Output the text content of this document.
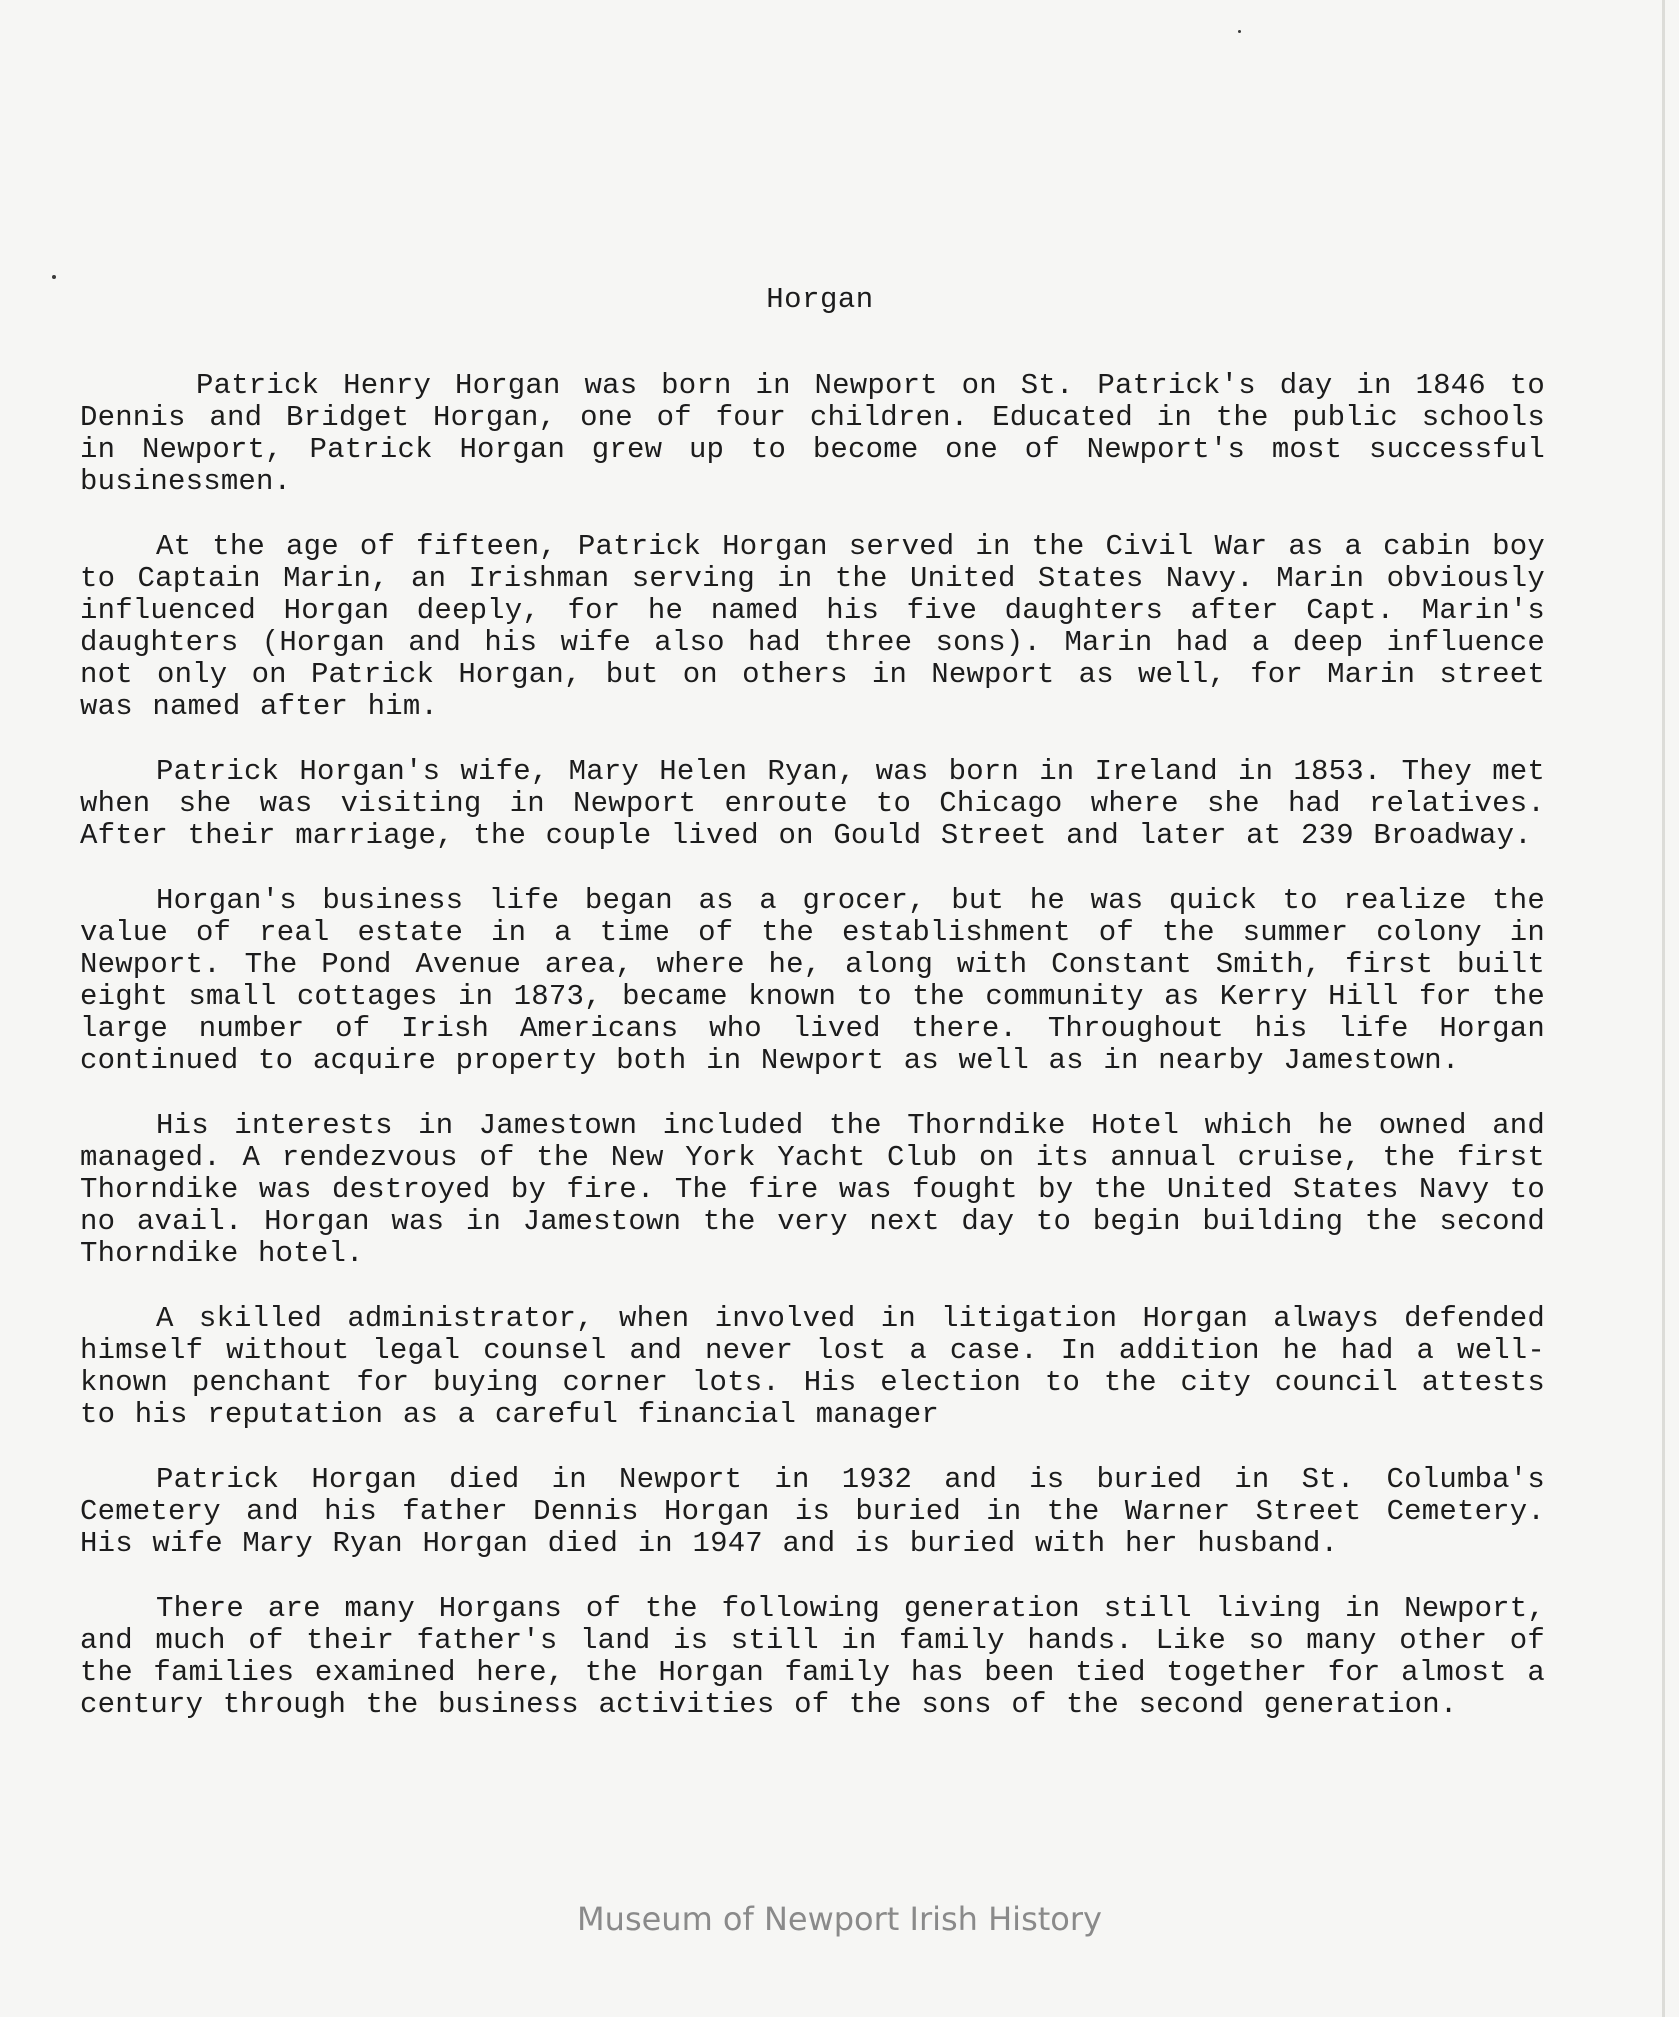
Horgan

Patrick Henry Horgan was born in Newport on St. Patrick's day in 1846 to Dennis and Bridget Horgan, one of four children. Educated in the public schools in Newport, Patrick Horgan grew up to become one of Newport's most successful businessmen.

At the age of fifteen, Patrick Horgan served in the Civil War as a cabin boy to Captain Marin, an Irishman serving in the United States Navy. Marin obviously influenced Horgan deeply, for he named his five daughters after Capt. Marin's daughters (Horgan and his wife also had three sons). Marin had a deep influence not only on Patrick Horgan, but on others in Newport as well, for Marin street was named after him.

Patrick Horgan's wife, Mary Helen Ryan, was born in Ireland in 1853. They met when she was visiting in Newport enroute to Chicago where she had relatives. After their marriage, the couple lived on Gould Street and later at 239 Broadway.

Horgan's business life began as a grocer, but he was quick to realize the value of real estate in a time of the establishment of the summer colony in Newport. The Pond Avenue area, where he, along with Constant Smith, first built eight small cottages in 1873, became known to the community as Kerry Hill for the large number of Irish Americans who lived there. Throughout his life Horgan continued to acquire property both in Newport as well as in nearby Jamestown.

His interests in Jamestown included the Thorndike Hotel which he owned and managed. A rendezvous of the New York Yacht Club on its annual cruise, the first Thorndike was destroyed by fire. The fire was fought by the United States Navy to no avail. Horgan was in Jamestown the very next day to begin building the second Thorndike hotel.

A skilled administrator, when involved in litigation Horgan always defended himself without legal counsel and never lost a case. In addition he had a well-known penchant for buying corner lots. His election to the city council attests to his reputation as a careful financial manager

Patrick Horgan died in Newport in 1932 and is buried in St. Columba's Cemetery and his father Dennis Horgan is buried in the Warner Street Cemetery. His wife Mary Ryan Horgan died in 1947 and is buried with her husband.

There are many Horgans of the following generation still living in Newport, and much of their father's land is still in family hands. Like so many other of the families examined here, the Horgan family has been tied together for almost a century through the business activities of the sons of the second generation.

Museum of Newport Irish History
